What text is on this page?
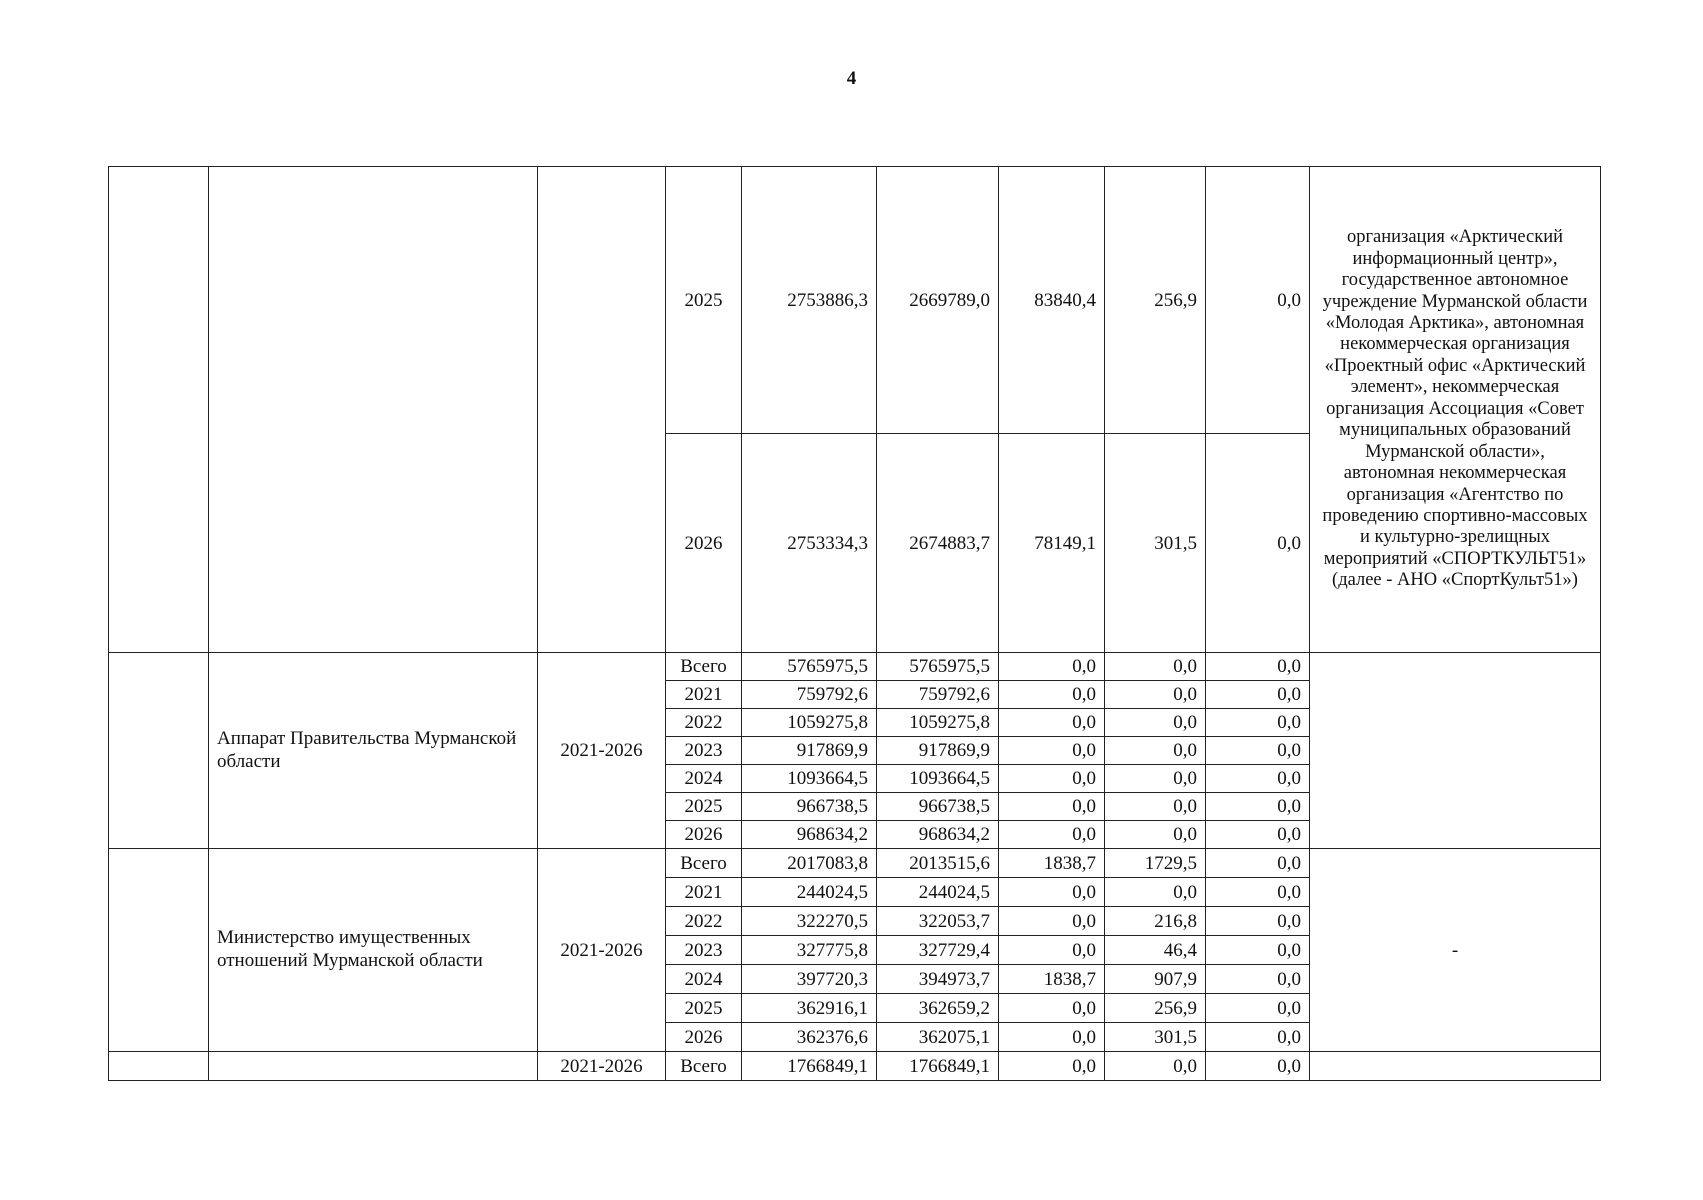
4
			2025	2753886,3	2669789,0	83840,4	256,9	0,0	организация «Арктический информационный центр», государственное автономное учреждение Мурманской области «Молодая Арктика», автономная некоммерческая организация «Проектный офис «Арктический элемент», некоммерческая организация Ассоциация «Совет муниципальных образований Мурманской области», автономная некоммерческая организация «Агентство по проведению спортивно-массовых и культурно-зрелищных мероприятий «СПОРТКУЛЬТ51» (далее - АНО «СпортКульт51»)
			2026	2753334,3	2674883,7	78149,1	301,5	0,0	
	Аппарат Правительства Мурманской области	2021-2026	Всего	5765975,5	5765975,5	0,0	0,0	0,0	
			2021	759792,6	759792,6	0,0	0,0	0,0	
			2022	1059275,8	1059275,8	0,0	0,0	0,0	
			2023	917869,9	917869,9	0,0	0,0	0,0	
			2024	1093664,5	1093664,5	0,0	0,0	0,0	
			2025	966738,5	966738,5	0,0	0,0	0,0	
			2026	968634,2	968634,2	0,0	0,0	0,0	
	Министерство имущественных отношений Мурманской области	2021-2026	Всего	2017083,8	2013515,6	1838,7	1729,5	0,0	-
			2021	244024,5	244024,5	0,0	0,0	0,0	
			2022	322270,5	322053,7	0,0	216,8	0,0	
			2023	327775,8	327729,4	0,0	46,4	0,0	
			2024	397720,3	394973,7	1838,7	907,9	0,0	
			2025	362916,1	362659,2	0,0	256,9	0,0	
			2026	362376,6	362075,1	0,0	301,5	0,0	
		2021-2026	Всего	1766849,1	1766849,1	0,0	0,0	0,0	
